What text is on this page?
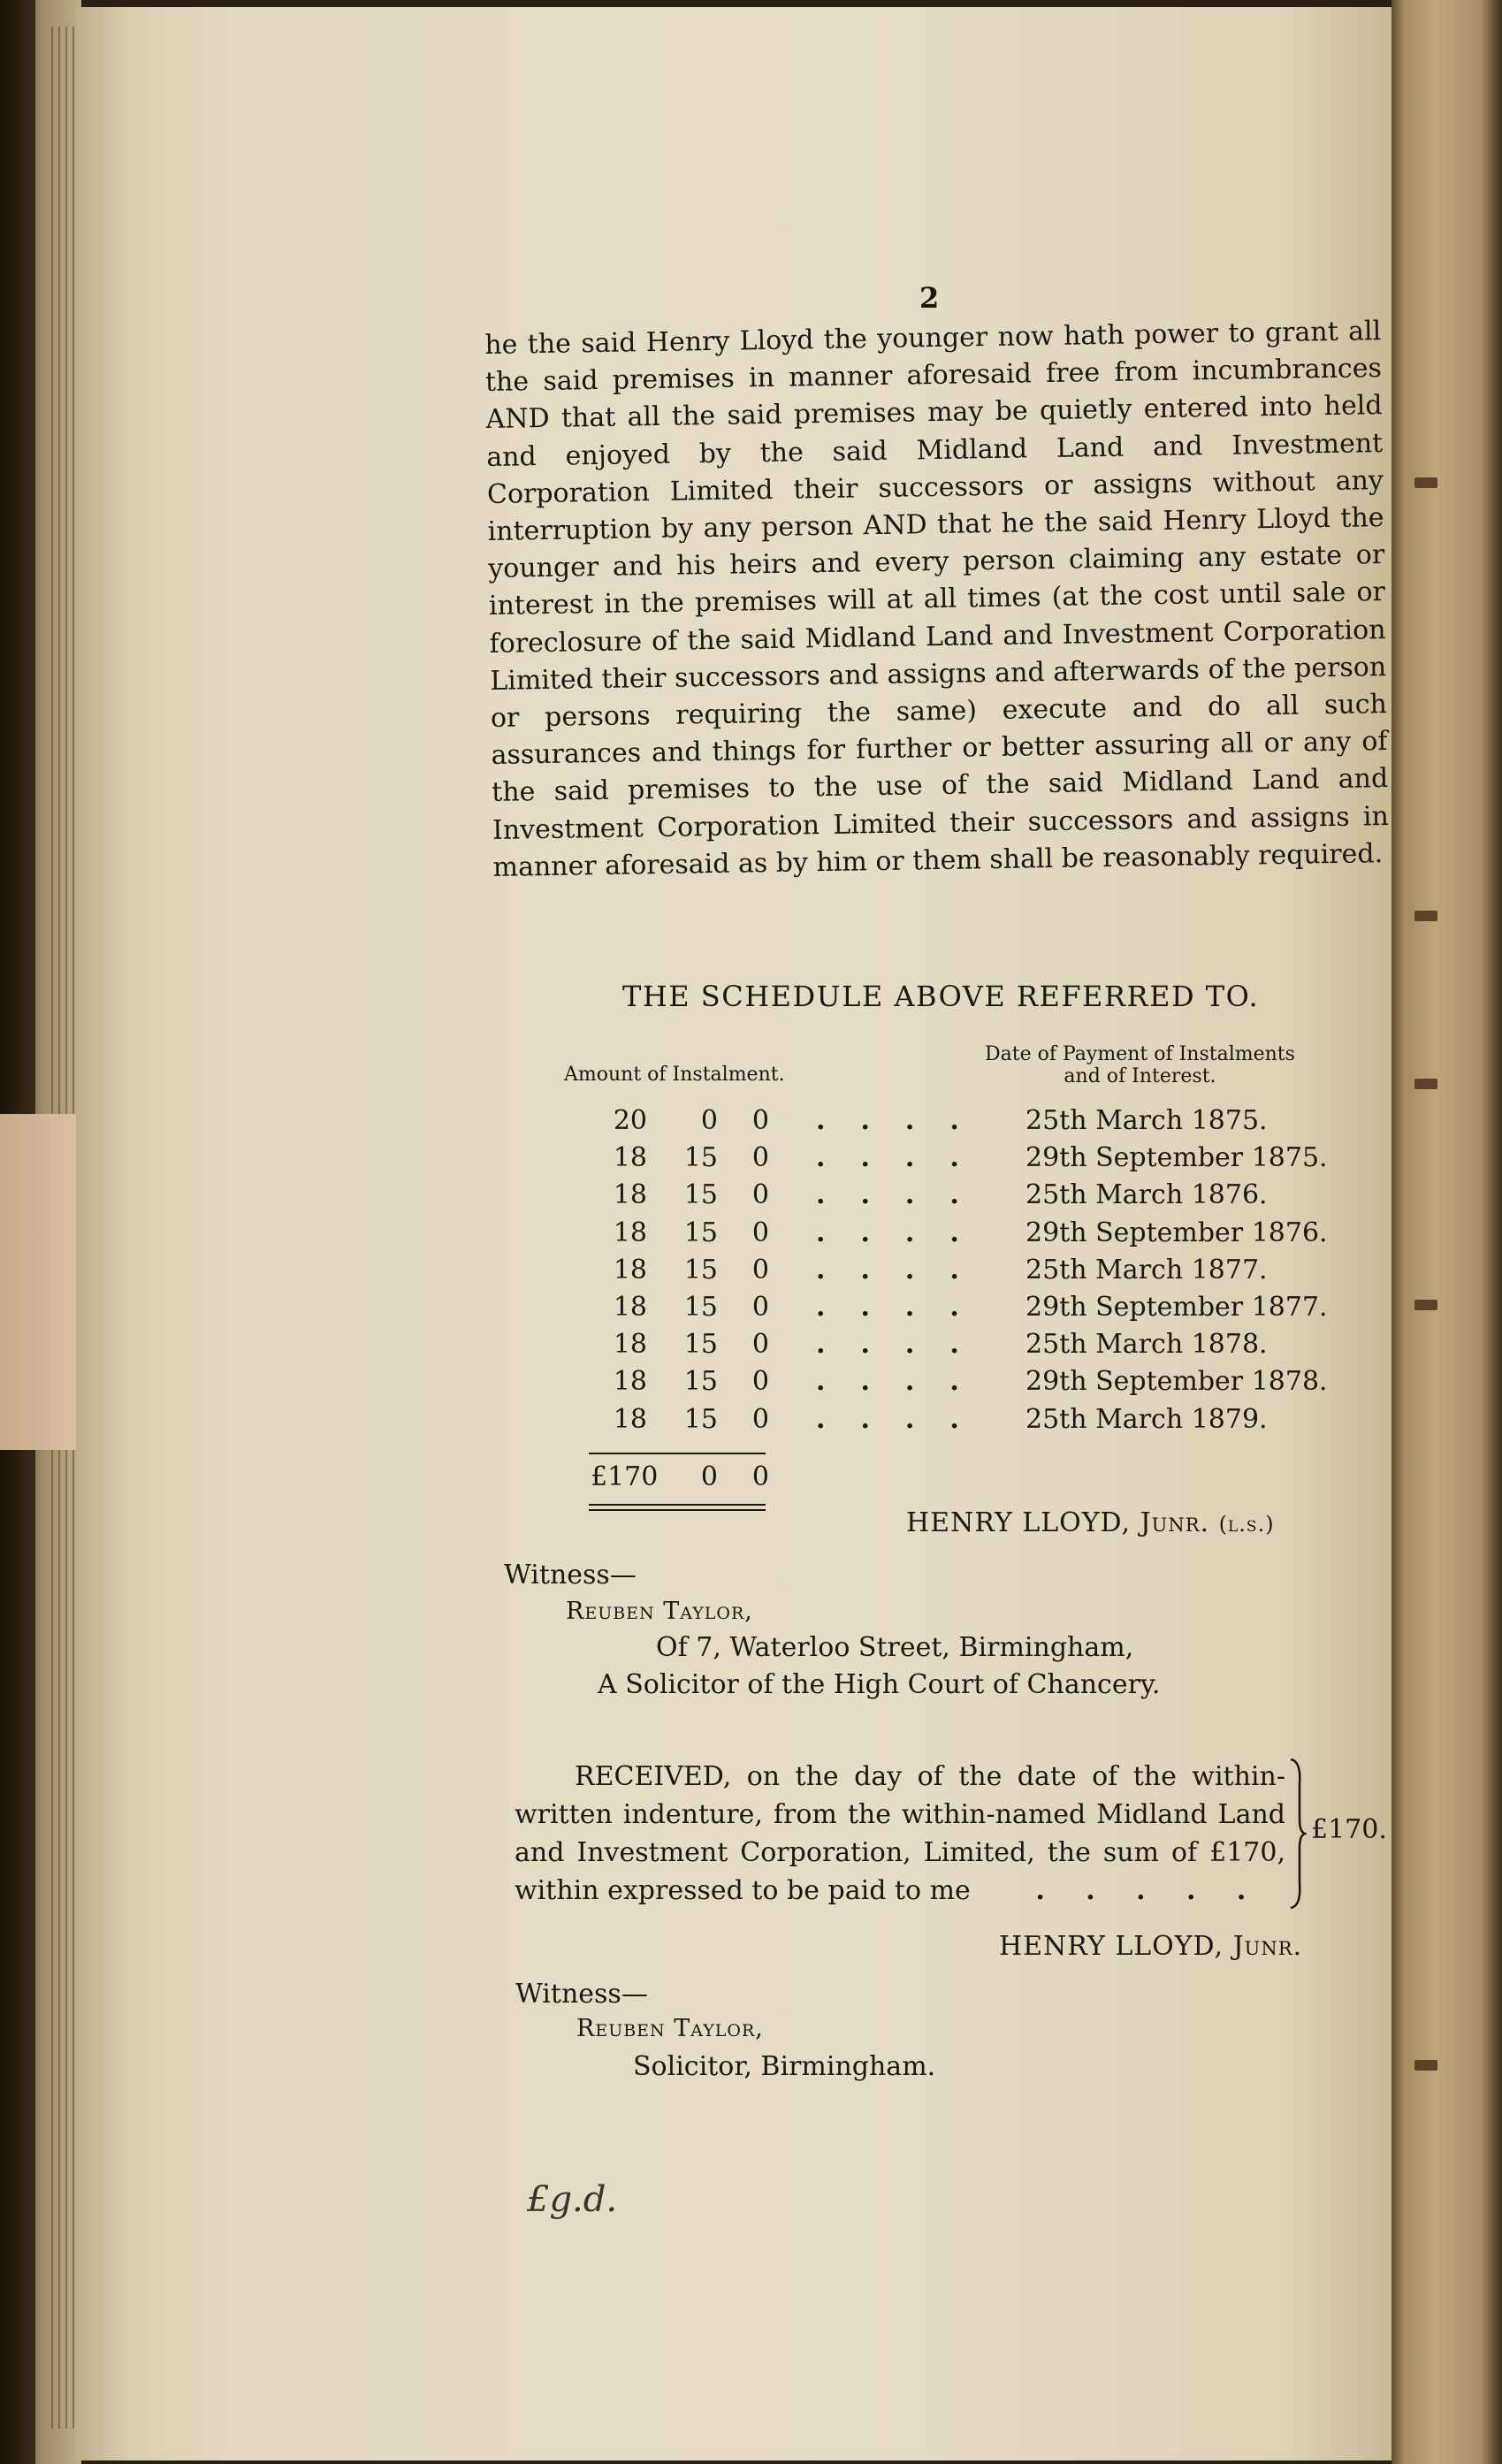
2

he the said Henry Lloyd the younger now hath power to grant all the said premises in manner aforesaid free from incumbrances AND that all the said premises may be quietly entered into held and enjoyed by the said Midland Land and Investment Corporation Limited their successors or assigns without any interruption by any person AND that he the said Henry Lloyd the younger and his heirs and every person claiming any estate or interest in the premises will at all times (at the cost until sale or foreclosure of the said Midland Land and Investment Corporation Limited their successors and assigns and afterwards of the person or persons requiring the same) execute and do all such assurances and things for further or better assuring all or any of the said premises to the use of the said Midland Land and Investment Corporation Limited their successors and assigns in manner aforesaid as by him or them shall be reasonably required.

THE SCHEDULE ABOVE REFERRED TO.
Amount of Instalment.
Date of Payment of Instalments
and of Interest.
20	0	0 .... 25th March 1875.
18	15	0 .... 29th September 1875.
18	15	0 .... 25th March 1876.
18	15	0 .... 29th September 1876.
18	15	0 .... 25th March 1877.
18	15	0 .... 29th September 1877.
18	15	0 .... 25th March 1878.
18	15	0 .... 29th September 1878.
18	15	0 .... 25th March 1879.
£170	0	0
HENRY LLOYD, Junr. (l.s.)
Witness—
Reuben Taylor,
Of 7, Waterloo Street, Birmingham,
A Solicitor of the High Court of Chancery.
RECEIVED, on the day of the date of the within-
written indenture, from the within-named Midland Land
and Investment Corporation, Limited, the sum of £170,
within expressed to be paid to me . . . . .
£170.
HENRY LLOYD, Junr.
Witness—
Reuben Taylor,
Solicitor, Birmingham.
£g.d.
